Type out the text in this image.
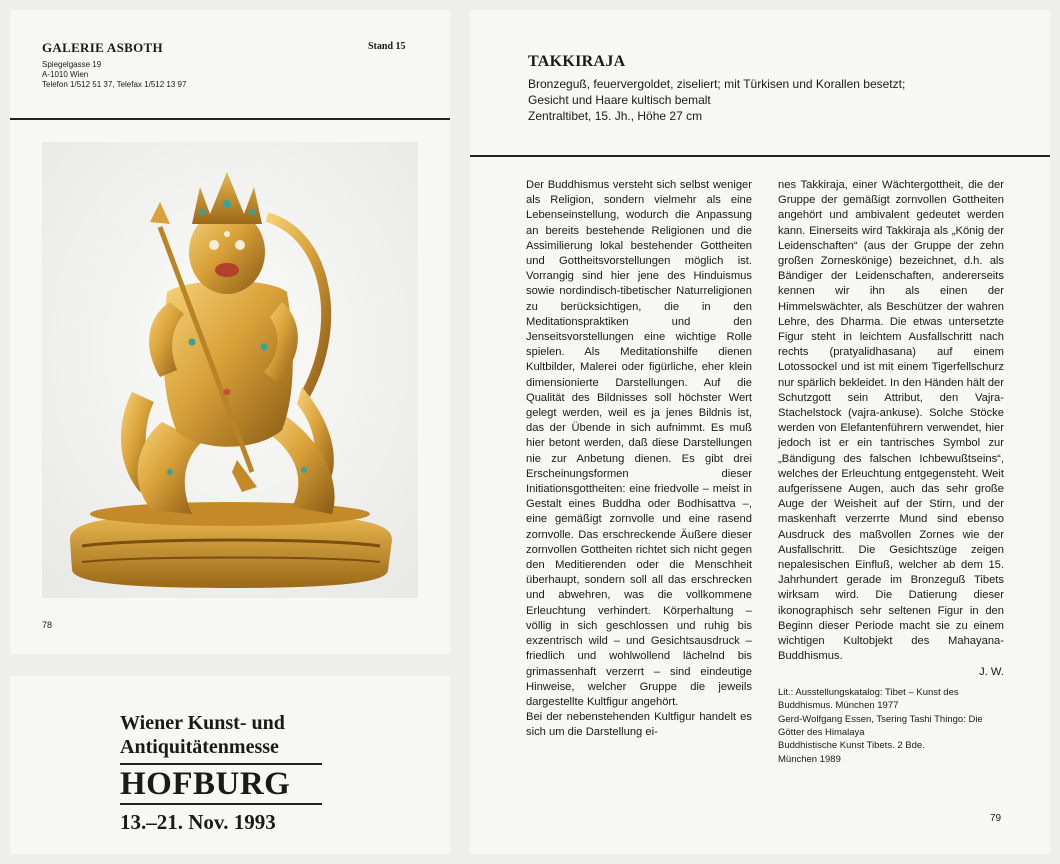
GALERIE ASBOTH	Stand 15
Spiegelgasse 19
A-1010 Wien
Telefon 1/512 51 37, Telefax 1/512 13 97
78
Wiener Kunst- und
Antiquitätenmesse
HOFBURG
13.–21. Nov. 1993
TAKKIRAJA
Bronzeguß, feuervergoldet, ziseliert; mit Türkisen und Korallen besetzt;
Gesicht und Haare kultisch bemalt
Zentraltibet, 15. Jh., Höhe 27 cm

Der Buddhismus versteht sich selbst weniger als Religion, sondern vielmehr als eine Lebenseinstellung, wodurch die Anpassung an bereits bestehende Religionen und die Assimilierung lokal bestehender Gottheiten und Gottheitsvorstellungen möglich ist. Vorrangig sind hier jene des Hinduismus sowie nordindisch-tibetischer Naturreligionen zu berücksichtigen, die in den Meditationspraktiken und den Jenseitsvorstellungen eine wichtige Rolle spielen. Als Meditationshilfe dienen Kultbilder, Malerei oder figürliche, eher klein dimensionierte Darstellungen. Auf die Qualität des Bildnisses soll höchster Wert gelegt werden, weil es ja jenes Bildnis ist, das der Übende in sich aufnimmt. Es muß hier betont werden, daß diese Darstellungen nie zur Anbetung dienen. Es gibt drei Erscheinungsformen dieser Initiationsgottheiten: eine friedvolle – meist in Gestalt eines Buddha oder Bodhisattva –, eine gemäßigt zornvolle und eine rasend zornvolle. Das erschreckende Äußere dieser zornvollen Gottheiten richtet sich nicht gegen den Meditierenden oder die Menschheit überhaupt, sondern soll all das erschrecken und abwehren, was die vollkommene Erleuchtung verhindert. Körperhaltung – völlig in sich geschlossen und ruhig bis exzentrisch wild – und Gesichtsausdruck – friedlich und wohlwollend lächelnd bis grimassenhaft verzerrt – sind eindeutige Hinweise, welcher Gruppe die jeweils dargestellte Kultfigur angehört.

Bei der nebenstehenden Kultfigur handelt es sich um die Darstellung ei-

nes Takkiraja, einer Wächtergottheit, die der Gruppe der gemäßigt zornvollen Gottheiten angehört und ambivalent gedeutet werden kann. Einerseits wird Takkiraja als „König der Leidenschaften“ (aus der Gruppe der zehn großen Zorneskönige) bezeichnet, d.h. als Bändiger der Leidenschaften, andererseits kennen wir ihn als einen der Himmelswächter, als Beschützer der wahren Lehre, des Dharma. Die etwas untersetzte Figur steht in leichtem Ausfallschritt nach rechts (pratyalidhasana) auf einem Lotossockel und ist mit einem Tigerfellschurz nur spärlich bekleidet. In den Händen hält der Schutzgott sein Attribut, den Vajra-Stachelstock (vajra-ankuse). Solche Stöcke werden von Elefantenführern verwendet, hier jedoch ist er ein tantrisches Symbol zur „Bändigung des falschen Ichbewußtseins“, welches der Erleuchtung entgegensteht. Weit aufgerissene Augen, auch das sehr große Auge der Weisheit auf der Stirn, und der maskenhaft verzerrte Mund sind ebenso Ausdruck des maßvollen Zornes wie der Ausfallschritt. Die Gesichtszüge zeigen nepalesischen Einfluß, welcher ab dem 15. Jahrhundert gerade im Bronzeguß Tibets wirksam wird. Die Datierung dieser ikonographisch sehr seltenen Figur in den Beginn dieser Periode macht sie zu einem wichtigen Kultobjekt des Mahayana-Buddhismus.

J. W.

Lit.: Ausstellungskatalog: Tibet – Kunst des Buddhismus. München 1977

Gerd-Wolfgang Essen, Tsering Tashi Thingo: Die Götter des Himalaya

Buddhistische Kunst Tibets. 2 Bde.

München 1989

79
